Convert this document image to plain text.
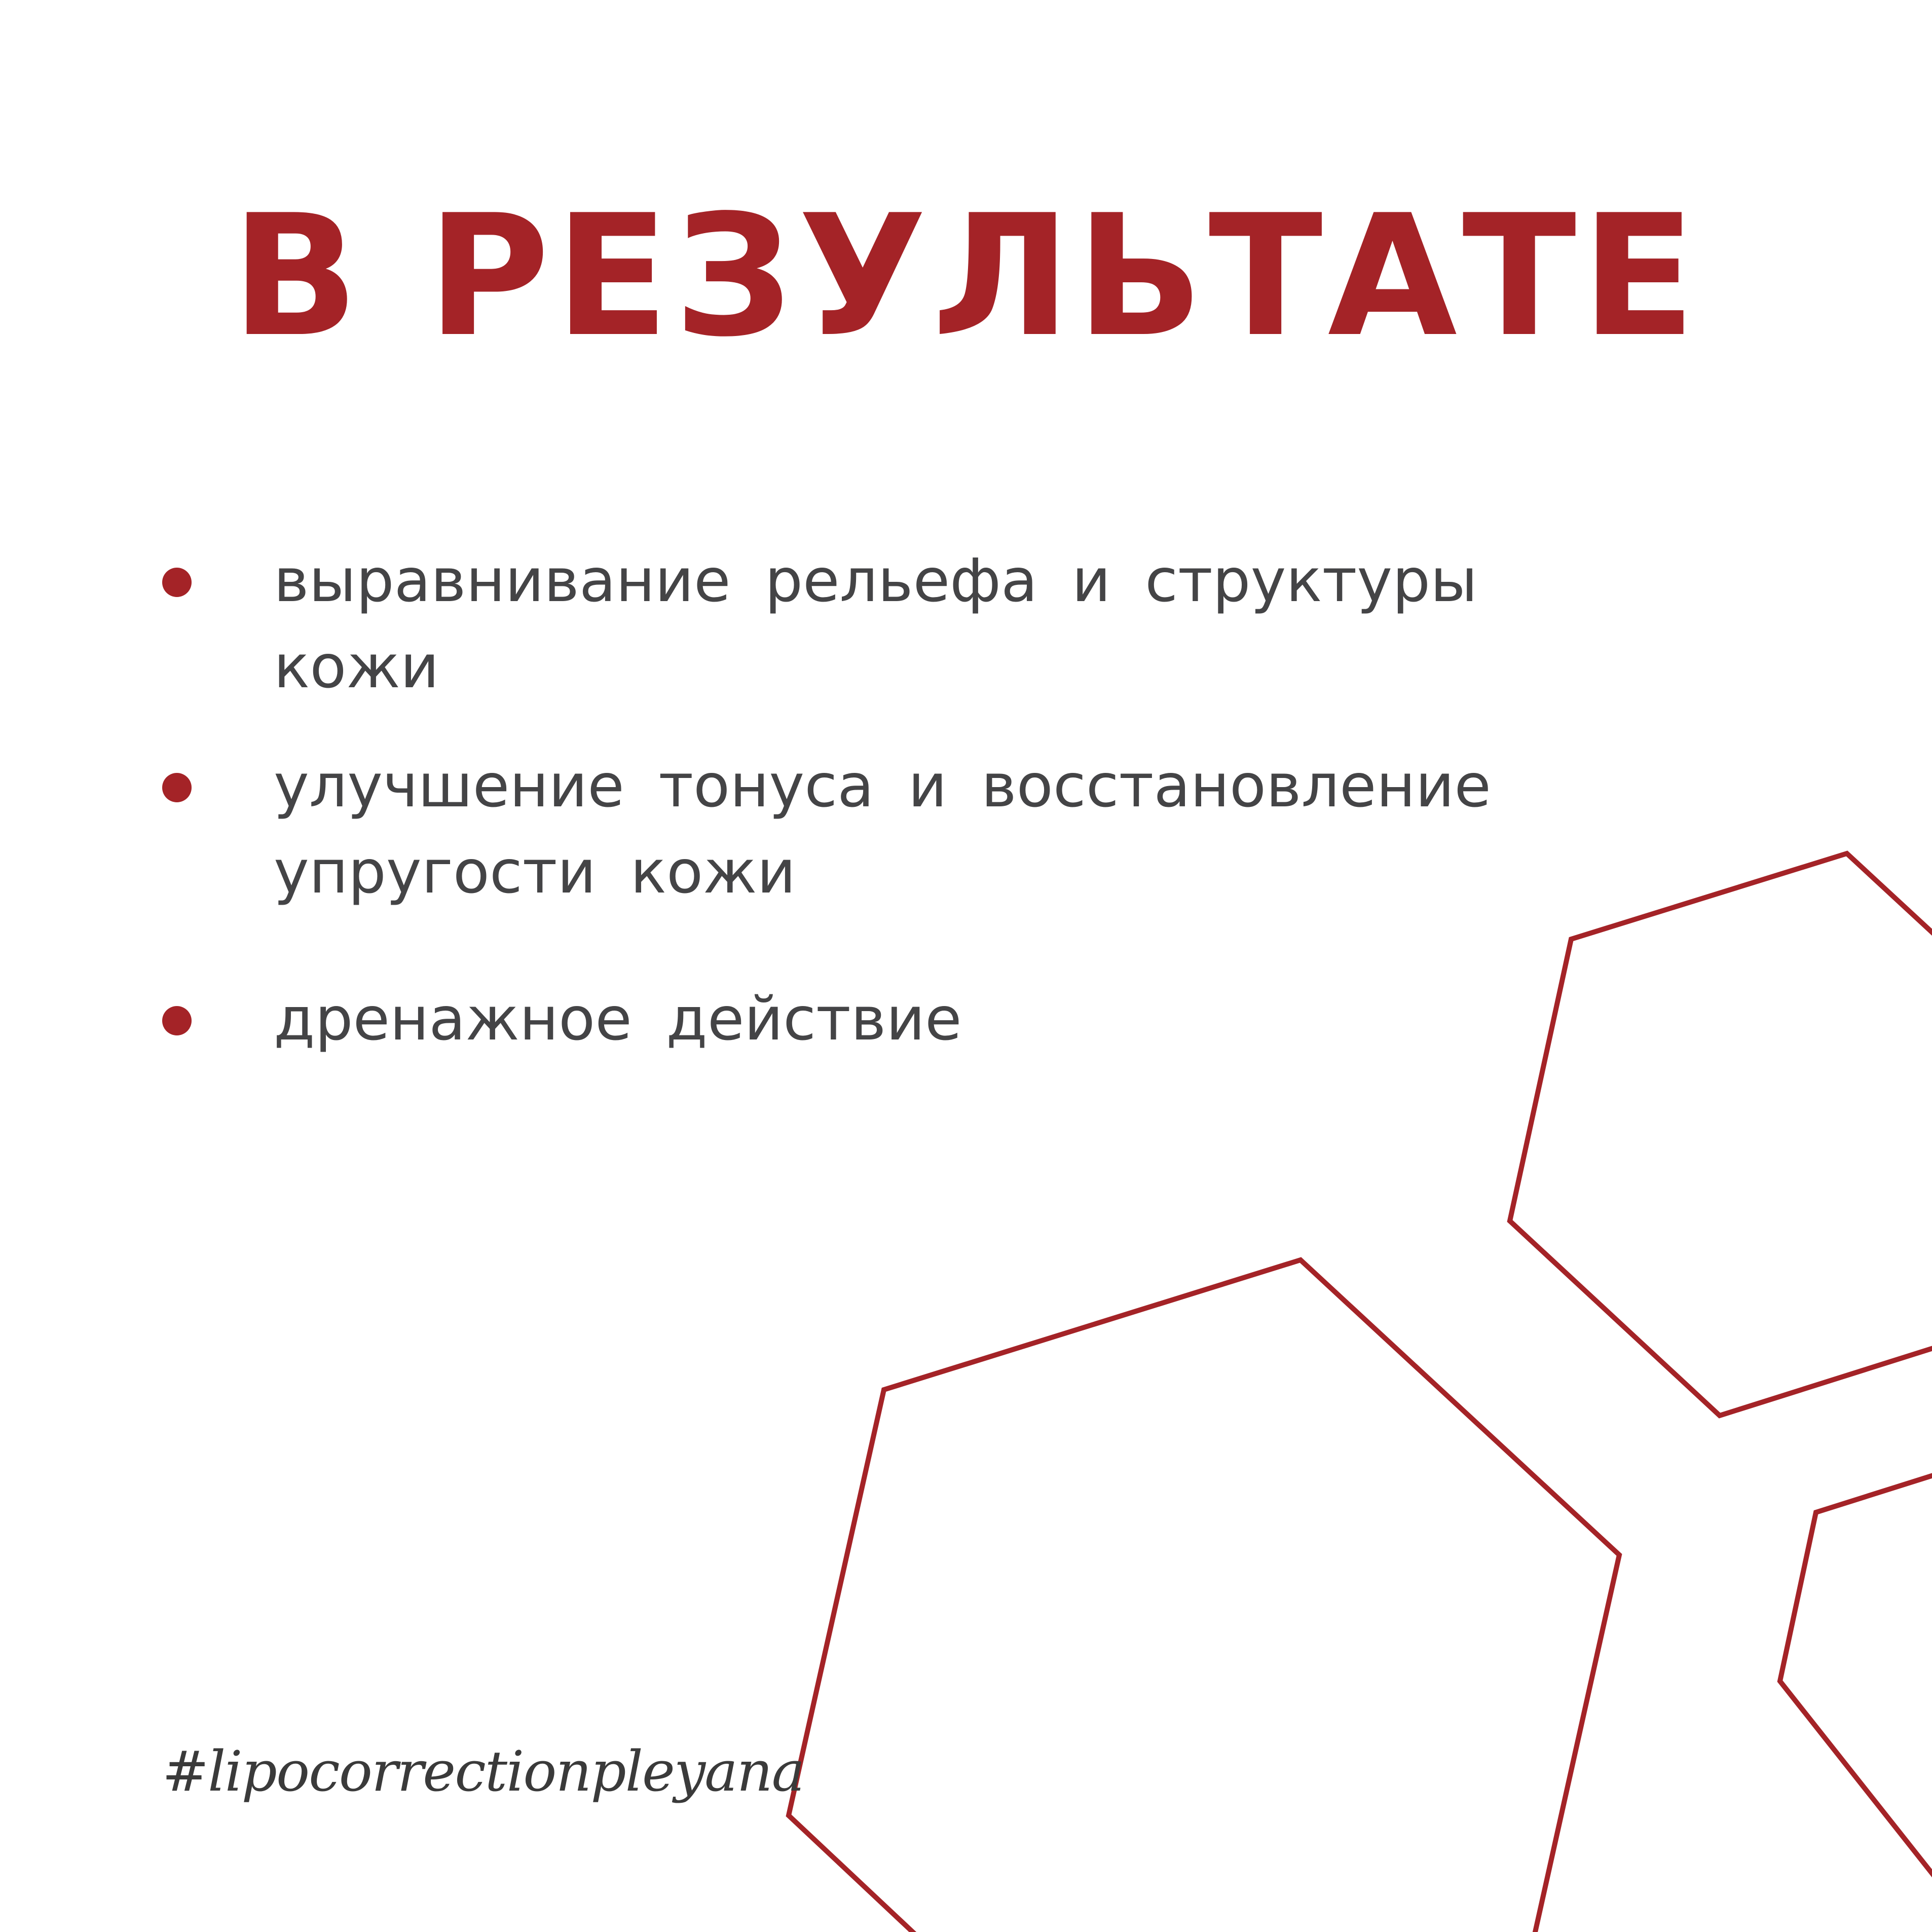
В РЕЗУЛЬТАТЕ
выравнивание рельефа и структуры
кожи
улучшение тонуса и восстановление
упругости кожи
дренажное действие
#lipocorrectionpleyana
